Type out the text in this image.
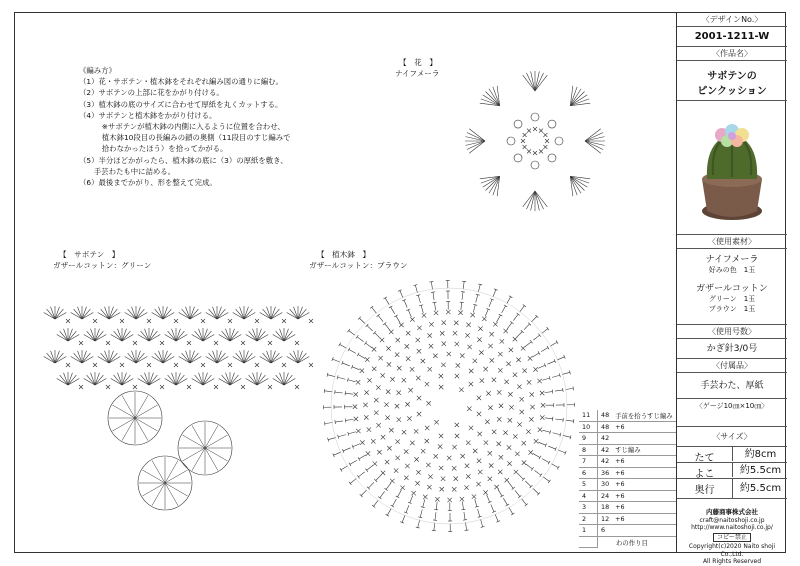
《編み方》
（1）花・サボテン・植木鉢をそれぞれ編み図の通りに編む。
（2）サボテンの上部に花をかがり付ける。
（3）植木鉢の底のサイズに合わせて厚紙を丸くカットする。
（4）サボテンと植木鉢をかがり付ける。
　　※サボテンが植木鉢の内側に入るように位置を合わせ、
　　植木鉢10段目の長編みの鎖の奥側（11段目のすじ編みで
　　拾わなかったほう）を拾ってかがる。
（5）半分ほどかがったら、植木鉢の底に（3）の厚紙を敷き、
　　手芸わたも中に詰める。
（6）最後までかがり、形を整えて完成。
【　花　】
ナイフメーラ
【　サボテン　】
ガザールコットン：グリーン
【　植木鉢　】
ガザールコットン：ブラウン
11	48	手前を拾うすじ編み
10	48	+6
9	42	
8	42	すじ編み
7	42	+6
6	36	+6
5	30	+6
4	24	+6
3	18	+6
2	12	+6
1	6	
	わの作り目	
〈デザインNo.〉
2001-1211-W
〈作品名〉
サボテンの
ピンクッション
〈使用素材〉
ナイフメーラ
好みの色　1玉
ガザールコットン
グリーン　1玉
ブラウン　1玉
〈使用号数〉
かぎ針3/0号
〈付属品〉
手芸わた、厚紙
〈ゲージ10㎝×10㎝〉
〈サイズ〉
たて	約8cm
よこ	約5.5cm
奥行	約5.5cm
内藤商事株式会社
craft@naitoshoji.co.jp
http://www.naitoshoji.co.jp/
コピー禁止
Copyright(c)2020 Naito shoji Co.,Ltd.
All Rights Reserved
